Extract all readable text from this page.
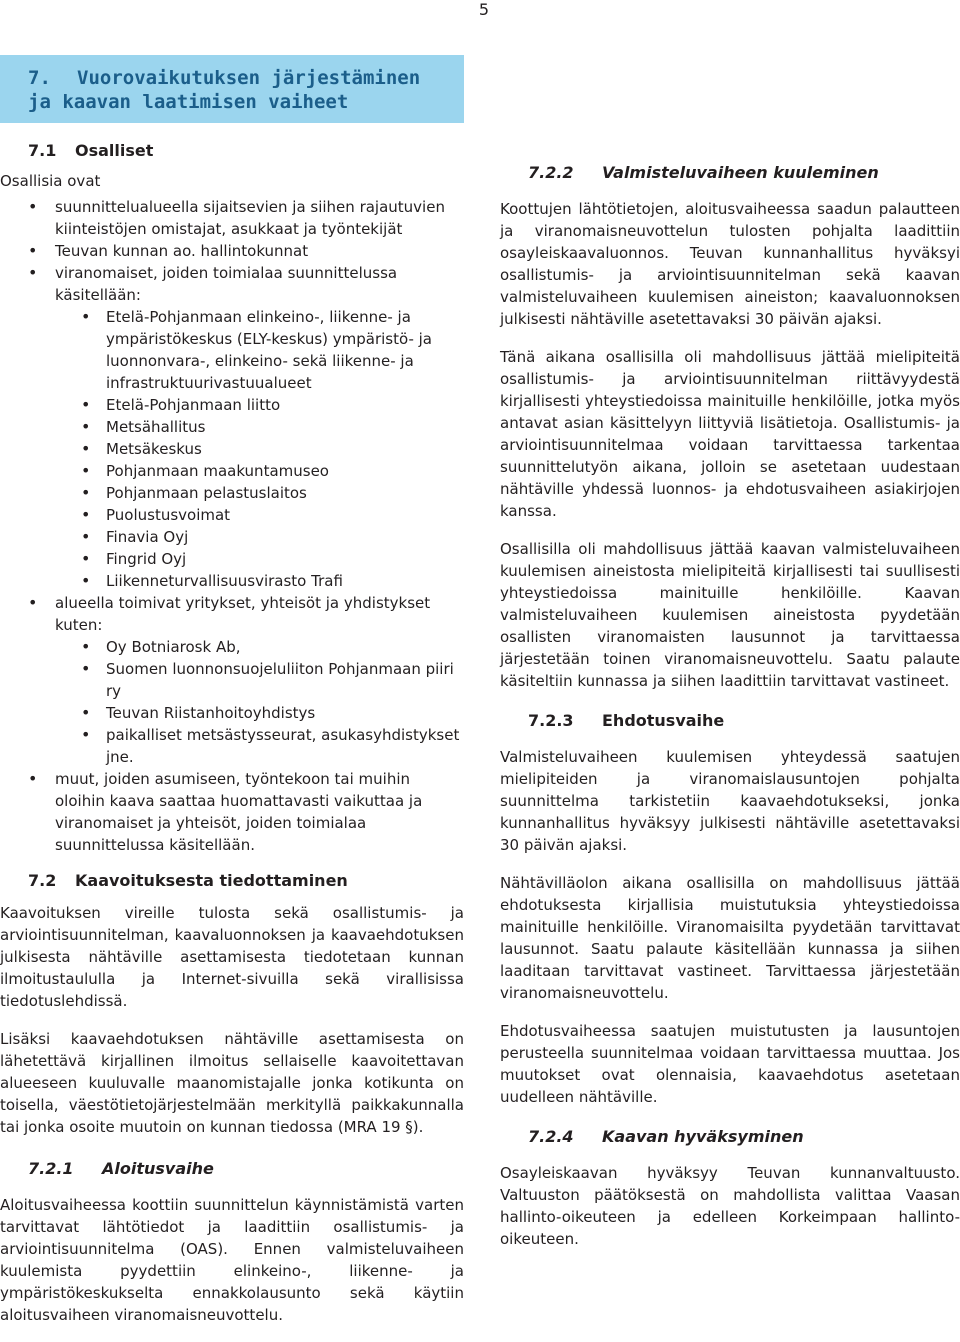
5
7.	Vuorovaikutuksen järjestäminen
ja kaavan laatimisen vaiheet
7.1	Osalliset

Osallisia ovat

• suunnittelualueella sijaitsevien ja siihen rajautuvien kiinteistöjen omistajat, asukkaat ja työntekijät
• Teuvan kunnan ao. hallintokunnat
• viranomaiset, joiden toimialaa suunnittelussa käsitellään:
• Etelä-Pohjanmaan elinkeino-, liikenne- ja ympäristökeskus (ELY-keskus) ympäristö- ja luonnonvara-, elinkeino- sekä liikenne- ja infrastruktuurivastuualueet
• Etelä-Pohjanmaan liitto
• Metsähallitus
• Metsäkeskus
• Pohjanmaan maakuntamuseo
• Pohjanmaan pelastuslaitos
• Puolustusvoimat
• Finavia Oyj
• Fingrid Oyj
• Liikenneturvallisuusvirasto Trafi
• alueella toimivat yritykset, yhteisöt ja yhdistykset kuten:
• Oy Botniarosk Ab,
• Suomen luonnonsuojeluliiton Pohjanmaan piiri ry
• Teuvan Riistanhoitoyhdistys
• paikalliset metsästysseurat, asukasyhdistykset jne.
• muut, joiden asumiseen, työntekoon tai muihin oloihin kaava saattaa huomattavasti vaikuttaa ja viranomaiset ja yhteisöt, joiden toimialaa suunnittelussa käsitellään.
7.2	Kaavoituksesta tiedottaminen

Kaavoituksen vireille tulosta sekä osallistumis- ja arviointisuunnitelman, kaavaluonnoksen ja kaavaehdotuksen julkisesta nähtäville asettamisesta tiedotetaan kunnan ilmoitustaululla ja Internet-sivuilla sekä virallisissa tiedotuslehdissä.

Lisäksi kaavaehdotuksen nähtäville asettamisesta on lähetettävä kirjallinen ilmoitus sellaiselle kaavoitettavan alueeseen kuuluvalle maanomistajalle jonka kotikunta on toisella, väestötietojärjestelmään merkityllä paikkakunnalla tai jonka osoite muutoin on kunnan tiedossa (MRA 19 §).

7.2.1	Aloitusvaihe

Aloitusvaiheessa koottiin suunnittelun käynnistämistä varten tarvittavat lähtötiedot ja laadittiin osallistumis- ja arviointisuunnitelma (OAS). Ennen valmisteluvaiheen kuulemista pyydettiin elinkeino-, liikenne- ja ympäristökeskukselta ennakkolausunto sekä käytiin aloitusvaiheen viranomaisneuvottelu.

7.2.2	Valmisteluvaiheen kuuleminen

Koottujen lähtötietojen, aloitusvaiheessa saadun palautteen ja viranomaisneuvottelun tulosten pohjalta laadittiin osayleiskaavaluonnos. Teuvan kunnanhallitus hyväksyi osallistumis- ja arviointisuunnitelman sekä kaavan valmisteluvaiheen kuulemisen aineiston; kaavaluonnoksen julkisesti nähtäville asetettavaksi 30 päivän ajaksi.

Tänä aikana osallisilla oli mahdollisuus jättää mielipiteitä osallistumis- ja arviointisuunnitelman riittävyydestä kirjallisesti yhteystiedoissa mainituille henkilöille, jotka myös antavat asian käsittelyyn liittyviä lisätietoja. Osallistumis- ja arviointisuunnitelmaa voidaan tarvittaessa tarkentaa suunnittelutyön aikana, jolloin se asetetaan uudestaan nähtäville yhdessä luonnos- ja ehdotusvaiheen asiakirjojen kanssa.

Osallisilla oli mahdollisuus jättää kaavan valmisteluvaiheen kuulemisen aineistosta mielipiteitä kirjallisesti tai suullisesti yhteystiedoissa mainituille henkilöille. Kaavan valmisteluvaiheen kuulemisen aineistosta pyydetään osallisten viranomaisten lausunnot ja tarvittaessa järjestetään toinen viranomaisneuvottelu. Saatu palaute käsiteltiin kunnassa ja siihen laadittiin tarvittavat vastineet.

7.2.3	Ehdotusvaihe

Valmisteluvaiheen kuulemisen yhteydessä saatujen mielipiteiden ja viranomaislausuntojen pohjalta suunnittelma tarkistetiin kaavaehdotukseksi, jonka kunnanhallitus hyväksyy julkisesti nähtäville asetettavaksi 30 päivän ajaksi.

Nähtävilläolon aikana osallisilla on mahdollisuus jättää ehdotuksesta kirjallisia muistutuksia yhteystiedoissa mainituille henkilöille. Viranomaisilta pyydetään tarvittavat lausunnot. Saatu palaute käsitellään kunnassa ja siihen laaditaan tarvittavat vastineet. Tarvittaessa järjestetään viranomaisneuvottelu.

Ehdotusvaiheessa saatujen muistutusten ja lausuntojen perusteella suunnitelmaa voidaan tarvittaessa muuttaa. Jos muutokset ovat olennaisia, kaavaehdotus asetetaan uudelleen nähtäville.

7.2.4	Kaavan hyväksyminen

Osayleiskaavan hyväksyy Teuvan kunnanvaltuusto. Valtuuston päätöksestä on mahdollista valittaa Vaasan hallinto-oikeuteen ja edelleen Korkeimpaan hallinto-oikeuteen.
